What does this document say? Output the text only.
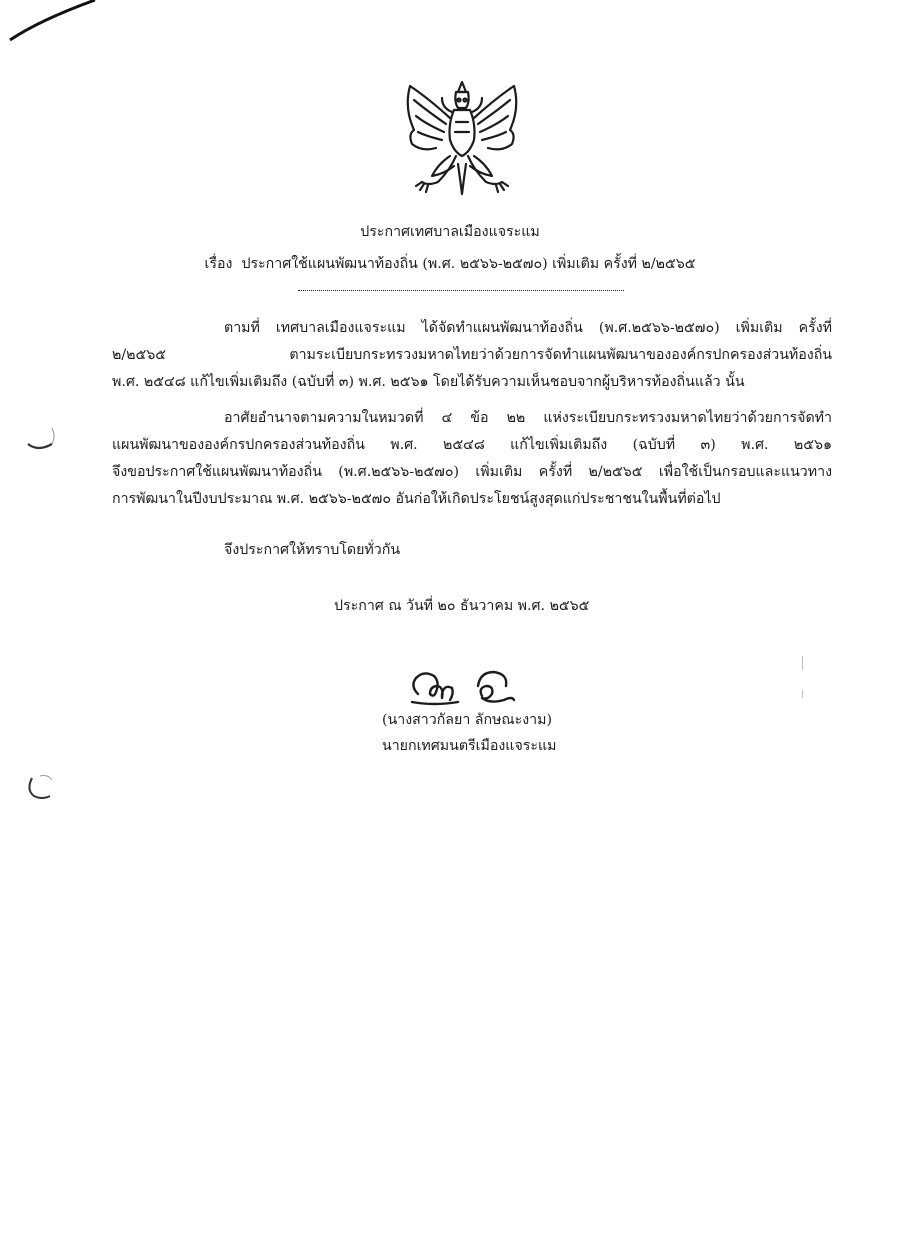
ประกาศเทศบาลเมืองแจระแม
เรื่อง ประกาศใช้แผนพัฒนาท้องถิ่น (พ.ศ. ๒๕๖๖-๒๕๗๐) เพิ่มเติม ครั้งที่ ๒/๒๕๖๕
ตามที่ เทศบาลเมืองแจระแม ได้จัดทำแผนพัฒนาท้องถิ่น (พ.ศ.๒๕๖๖-๒๕๗๐) เพิ่มเติม ครั้งที่
๒/๒๕๖๕ ตามระเบียบกระทรวงมหาดไทยว่าด้วยการจัดทำแผนพัฒนาขององค์กรปกครองส่วนท้องถิ่น
พ.ศ. ๒๕๔๘ แก้ไขเพิ่มเติมถึง (ฉบับที่ ๓) พ.ศ. ๒๕๖๑ โดยได้รับความเห็นชอบจากผู้บริหารท้องถิ่นแล้ว นั้น
อาศัยอำนาจตามความในหมวดที่ ๔ ข้อ ๒๒ แห่งระเบียบกระทรวงมหาดไทยว่าด้วยการจัดทำ
แผนพัฒนาขององค์กรปกครองส่วนท้องถิ่น พ.ศ. ๒๕๔๘ แก้ไขเพิ่มเติมถึง (ฉบับที่ ๓) พ.ศ. ๒๕๖๑
จึงขอประกาศใช้แผนพัฒนาท้องถิ่น (พ.ศ.๒๕๖๖-๒๕๗๐) เพิ่มเติม ครั้งที่ ๒/๒๕๖๕ เพื่อใช้เป็นกรอบและแนวทาง
การพัฒนาในปีงบประมาณ พ.ศ. ๒๕๖๖-๒๕๗๐ อันก่อให้เกิดประโยชน์สูงสุดแก่ประชาชนในพื้นที่ต่อไป
จึงประกาศให้ทราบโดยทั่วกัน
ประกาศ ณ วันที่ ๒๐ ธันวาคม พ.ศ. ๒๕๖๕
(นางสาวกัลยา ลักษณะงาม)
นายกเทศมนตรีเมืองแจระแม
